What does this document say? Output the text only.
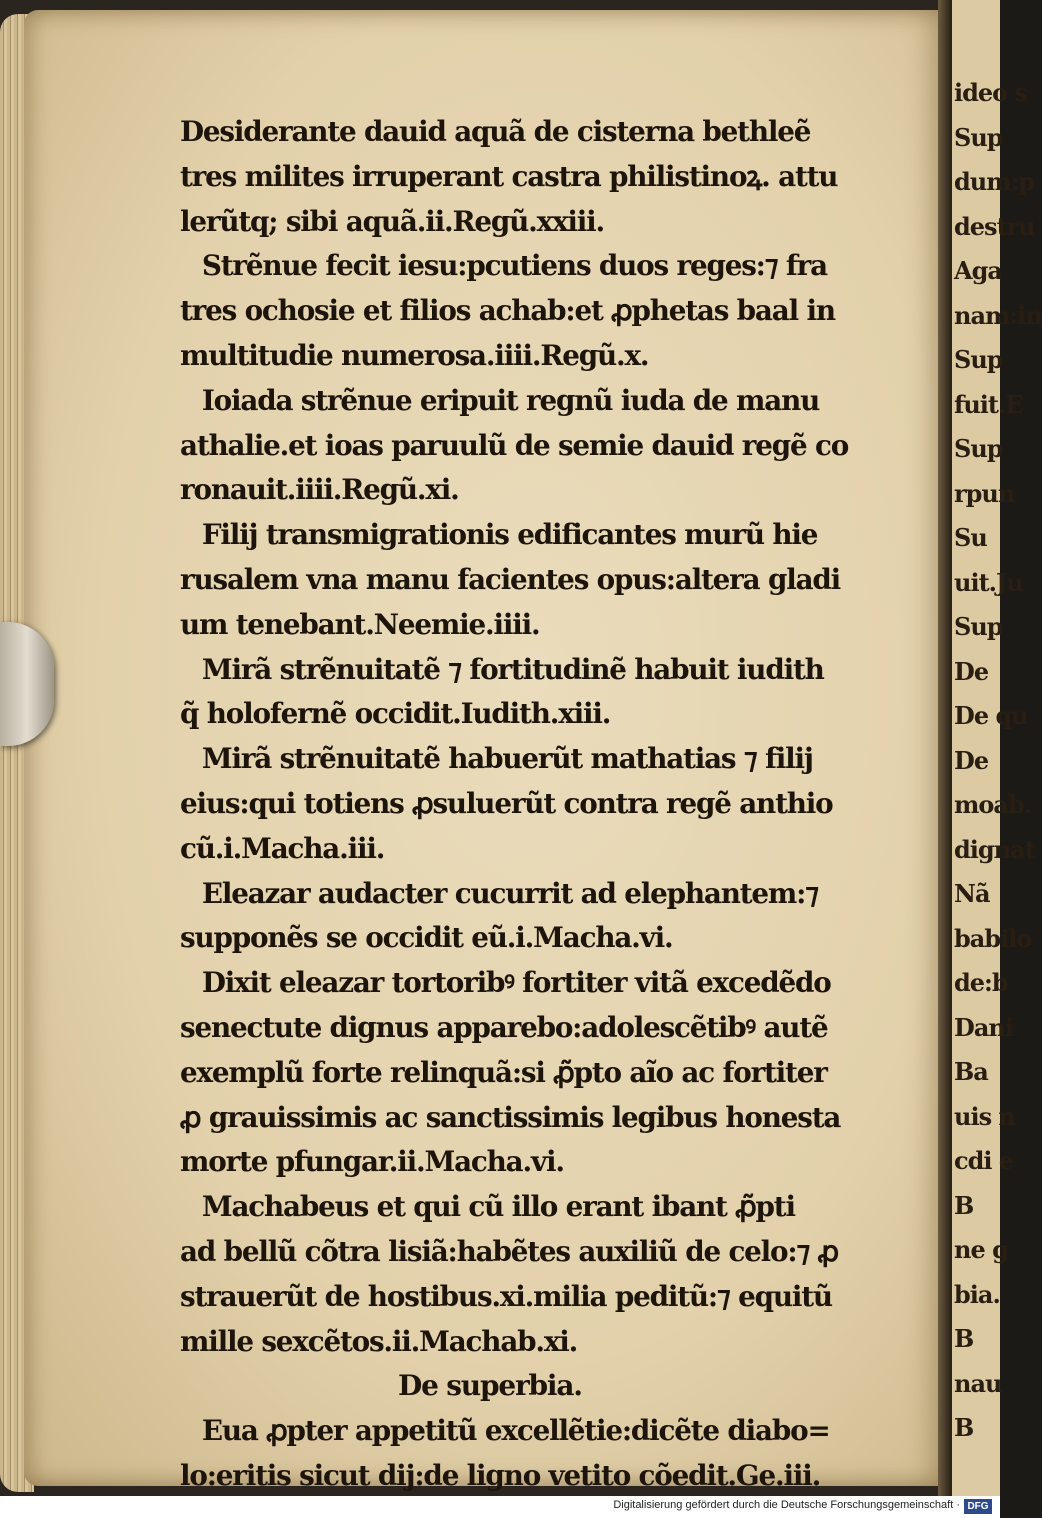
ideo s
Sup
dum:p
destru
Aga
nam:in
Sup
fuit.E
Sup
rpun
Su
uit.Ju
Sup
De
De qu
De
moab.
dignat
Nã
babilo
de:b
Dani
Ba
uis n
cdi e
B
ne g
bia.
B
nau
B
Desiderante dauid aquã de cisterna bethleẽ
tres milites irruperant castra philistinoꝝ. attu
lerũtq; sibi aquã.ii.Regũ.xxiii.
Strẽnue fecit iesu:pcutiens duos reges:⁊ fra
tres ochosie et filios achab:et ꝓphetas baal in
multitudie numerosa.iiii.Regũ.x.
Ioiada strẽnue eripuit regnũ iuda de manu
athalie.et ioas paruulũ de semie dauid regẽ co
ronauit.iiii.Regũ.xi.
Filij transmigrationis edificantes murũ hie
rusalem vna manu facientes opus:altera gladi
um tenebant.Neemie.iiii.
Mirã strẽnuitatẽ ⁊ fortitudinẽ habuit iudith
q̃ holofernẽ occidit.Iudith.xiii.
Mirã strẽnuitatẽ habuerũt mathatias ⁊ filij
eius:qui totiens ꝓsuluerũt contra regẽ anthio
cũ.i.Macha.iii.
Eleazar audacter cucurrit ad elephantem:⁊
supponẽs se occidit eũ.i.Macha.vi.
Dixit eleazar tortoribꝰ fortiter vitã excedẽdo
senectute dignus apparebo:adolescẽtibꝰ autẽ
exemplũ forte relinquã:si ꝓ̃pto aĩo ac fortiter
ꝓ grauissimis ac sanctissimis legibus honesta
morte pfungar.ii.Macha.vi.
Machabeus et qui cũ illo erant ibant ꝓ̃pti
ad bellũ cõtra lisiã:habẽtes auxiliũ de celo:⁊ ꝓ
strauerũt de hostibus.xi.milia peditũ:⁊ equitũ
mille sexcẽtos.ii.Machab.xi.
De superbia.
Eua ꝓpter appetitũ excellẽtie:dicẽte diabo=
lo:eritis sicut dij:de ligno vetito cõedit.Ge.iii.
Digitalisierung gefördert durch die Deutsche Forschungsgemeinschaft · DFG
